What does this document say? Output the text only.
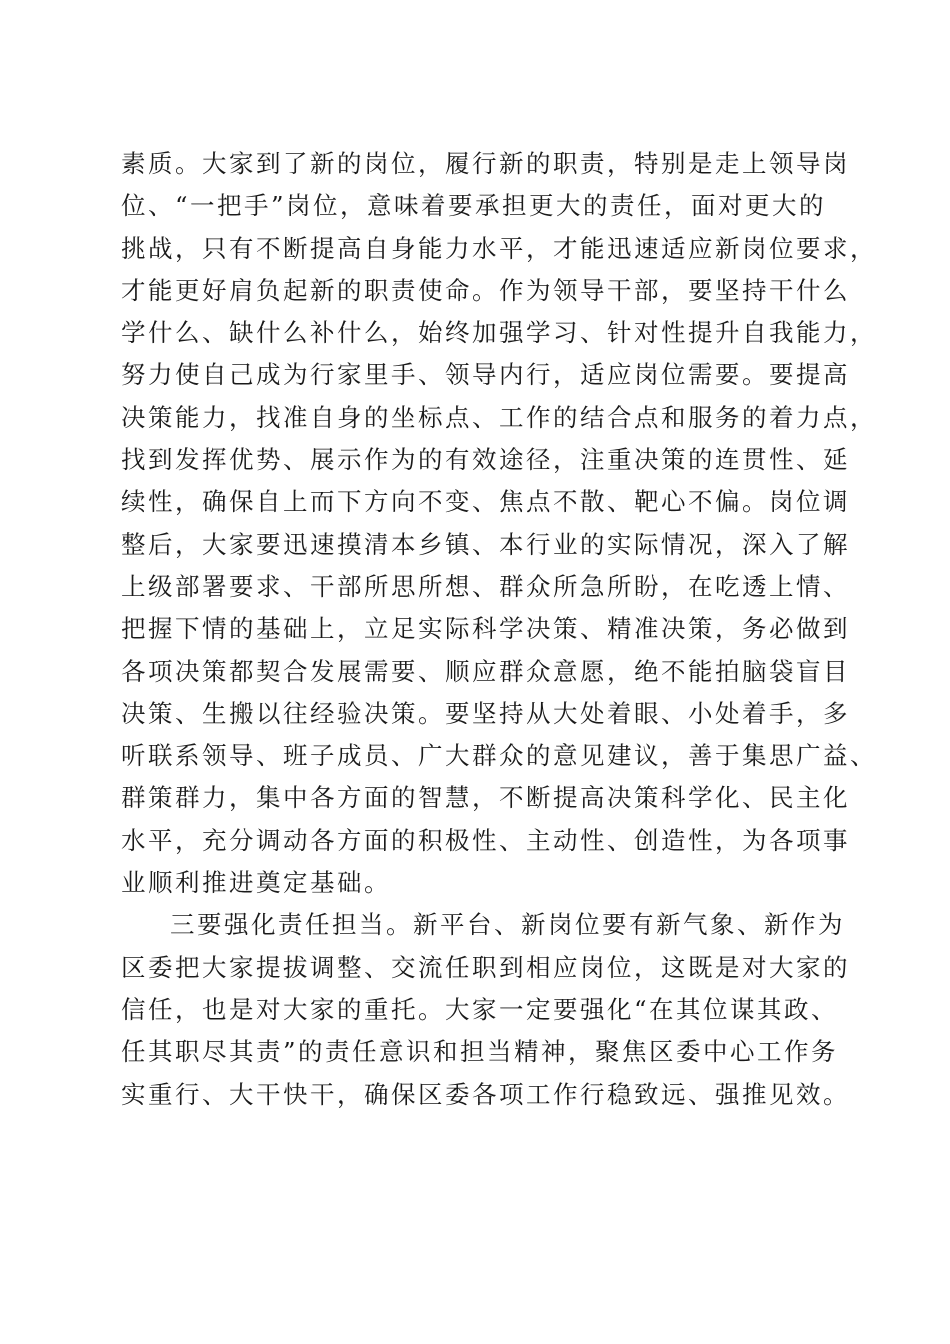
素质。大家到了新的岗位，履行新的职责，特别是走上领导岗
位、“一把手”岗位，意味着要承担更大的责任，面对更大的
挑战，只有不断提高自身能力水平，才能迅速适应新岗位要求，
才能更好肩负起新的职责使命。作为领导干部，要坚持干什么
学什么、缺什么补什么，始终加强学习、针对性提升自我能力，
努力使自己成为行家里手、领导内行，适应岗位需要。要提高
决策能力，找准自身的坐标点、工作的结合点和服务的着力点，
找到发挥优势、展示作为的有效途径，注重决策的连贯性、延
续性，确保自上而下方向不变、焦点不散、靶心不偏。岗位调
整后，大家要迅速摸清本乡镇、本行业的实际情况，深入了解
上级部署要求、干部所思所想、群众所急所盼，在吃透上情、
把握下情的基础上，立足实际科学决策、精准决策，务必做到
各项决策都契合发展需要、顺应群众意愿，绝不能拍脑袋盲目
决策、生搬以往经验决策。要坚持从大处着眼、小处着手，多
听联系领导、班子成员、广大群众的意见建议，善于集思广益、
群策群力，集中各方面的智慧，不断提高决策科学化、民主化
水平，充分调动各方面的积极性、主动性、创造性，为各项事
业顺利推进奠定基础。
三要强化责任担当。新平台、新岗位要有新气象、新作为
区委把大家提拔调整、交流任职到相应岗位，这既是对大家的
信任，也是对大家的重托。大家一定要强化“在其位谋其政、
任其职尽其责”的责任意识和担当精神，聚焦区委中心工作务
实重行、大干快干，确保区委各项工作行稳致远、强推见效。
